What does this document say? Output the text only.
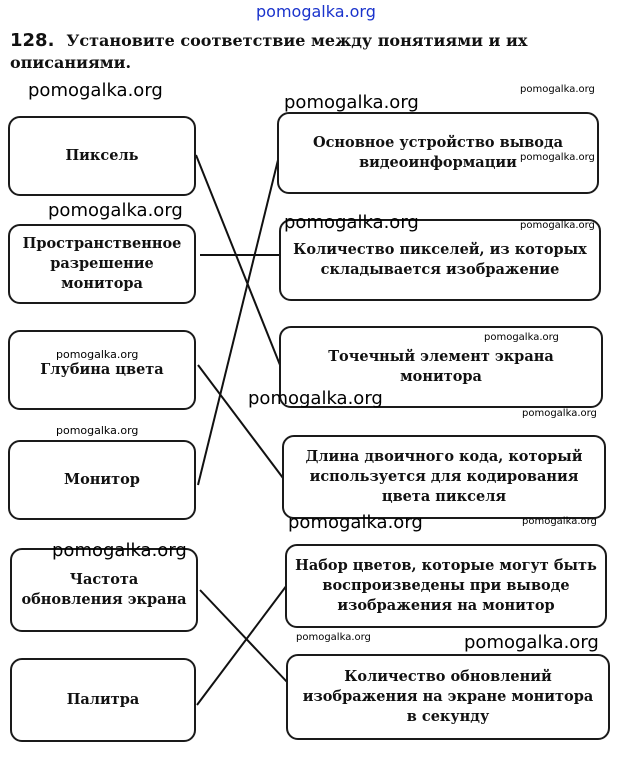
pomogalka.org
128. Установите соответствие между понятиями и их описаниями.
Пиксель
Пространственное разрешение монитора
Глубина цвета
Монитор
Частота обновления экрана
Палитра
Основное устройство вывода видеоинформации
Количество пикселей, из которых складывается изображение
Точечный элемент экрана монитора
Длина двоичного кода, который используется для кодирования цвета пикселя
Набор цветов, которые могут быть воспроизведены при выводе изображения на монитор
Количество обновлений изображения на экране монитора в секунду
pomogalka.org
pomogalka.org
pomogalka.org
pomogalka.org
pomogalka.org
pomogalka.org	pomogalka.org
pomogalka.org
pomogalka.org
pomogalka.org
pomogalka.org
pomogalka.org
pomogalka.org	pomogalka.org
pomogalka.org
pomogalka.org	pomogalka.org
